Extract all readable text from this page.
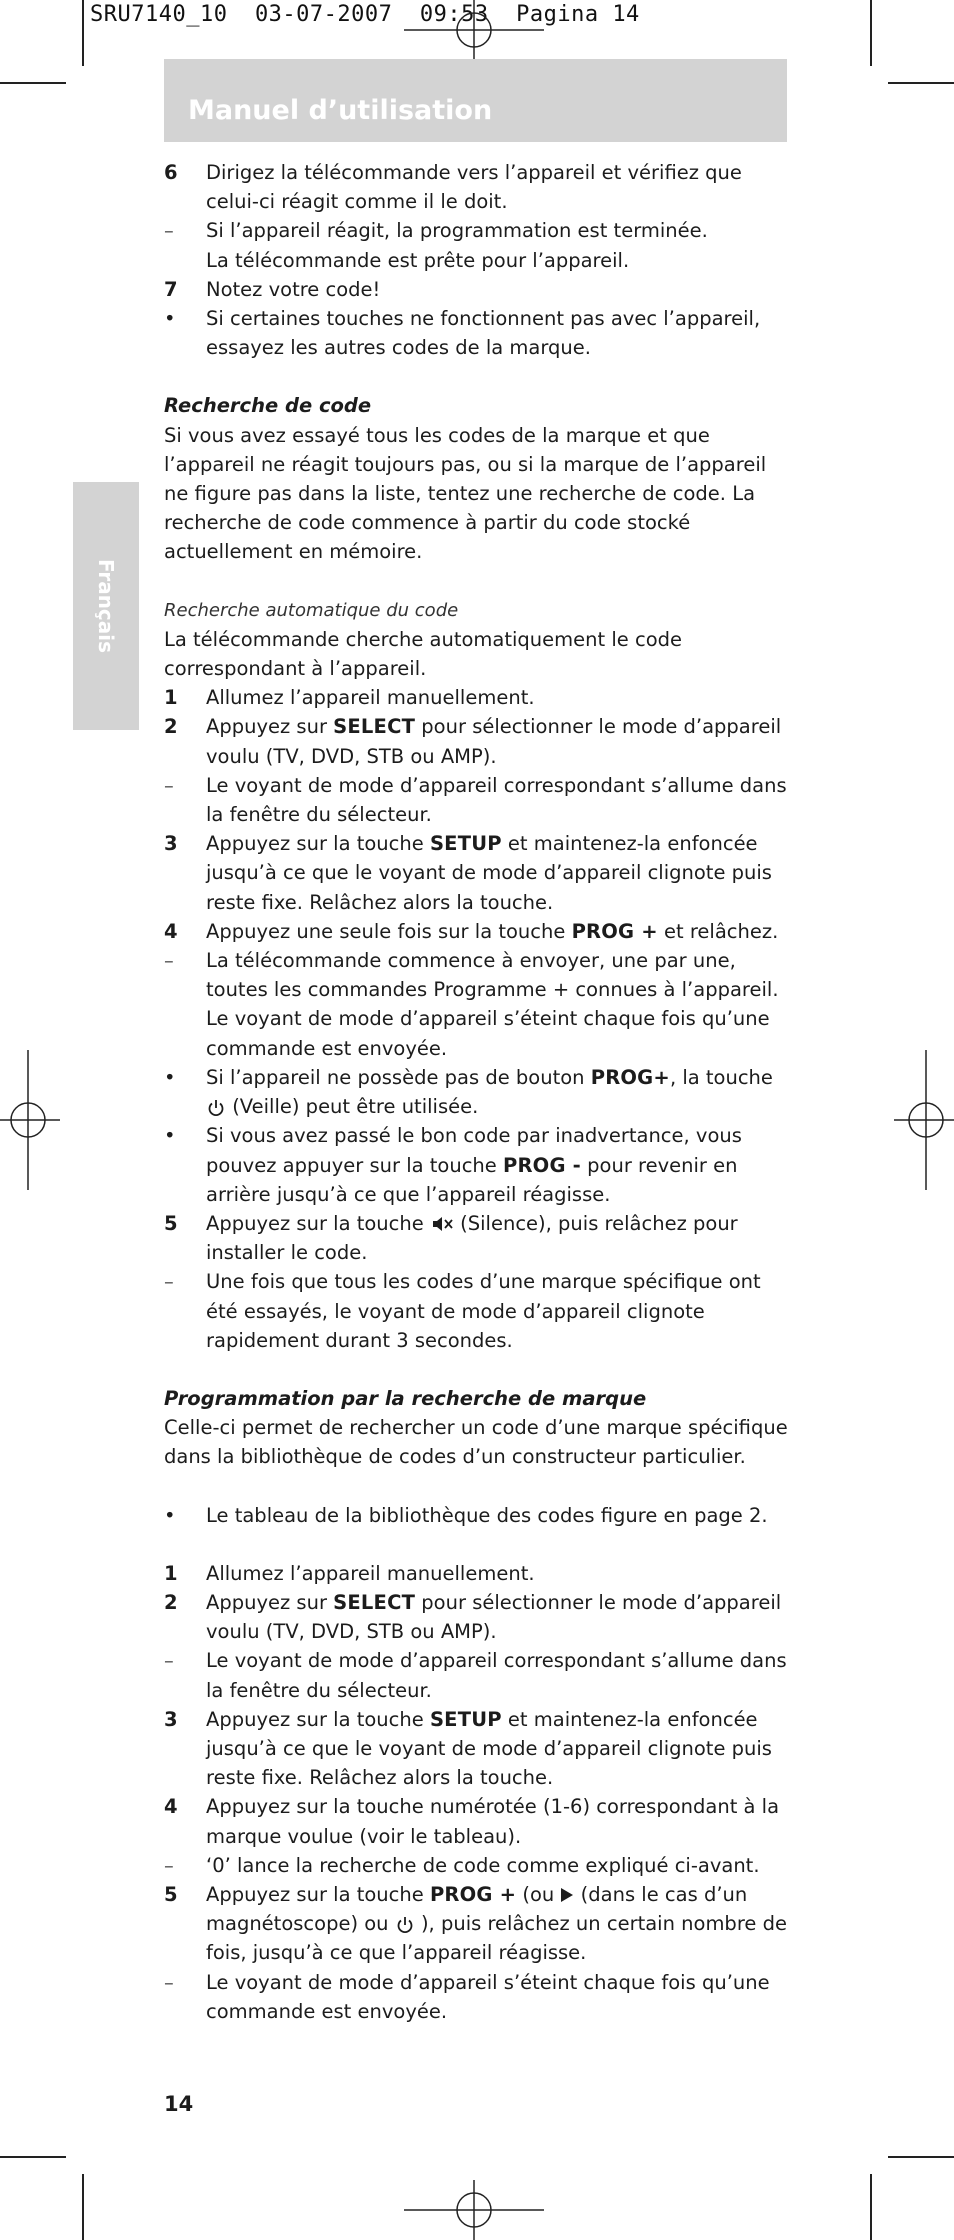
SRU7140_10  03-07-2007  09:53  Pagina 14
Manuel d’utilisation
Français
6 Dirigez la télécommande vers l’appareil et vérifiez que celui-ci réagit comme il le doit.
– Si l’appareil réagit, la programmation est terminée.
La télécommande est prête pour l’appareil.
7 Notez votre code!
• Si certaines touches ne fonctionnent pas avec l’appareil, essayez les autres codes de la marque.
Recherche de code
Si vous avez essayé tous les codes de la marque et que l’appareil ne réagit toujours pas, ou si la marque de l’appareil ne figure pas dans la liste, tentez une recherche de code. La recherche de code commence à partir du code stocké actuellement en mémoire.
Recherche automatique du code
La télécommande cherche automatiquement le code correspondant à l’appareil.
1 Allumez l’appareil manuellement.
2 Appuyez sur SELECT pour sélectionner le mode d’appareil voulu (TV, DVD, STB ou AMP).
– Le voyant de mode d’appareil correspondant s’allume dans la fenêtre du sélecteur.
3 Appuyez sur la touche SETUP et maintenez-la enfoncée jusqu’à ce que le voyant de mode d’appareil clignote puis reste fixe. Relâchez alors la touche.
4 Appuyez une seule fois sur la touche PROG + et relâchez.
– La télécommande commence à envoyer, une par une, toutes les commandes Programme + connues à l’appareil. Le voyant de mode d’appareil s’éteint chaque fois qu’une commande est envoyée.
• Si l’appareil ne possède pas de bouton PROG+, la touche  (Veille) peut être utilisée.
• Si vous avez passé le bon code par inadvertance, vous pouvez appuyer sur la touche PROG - pour revenir en arrière jusqu’à ce que l’appareil réagisse.
5 Appuyez sur la touche  (Silence), puis relâchez pour installer le code.
– Une fois que tous les codes d’une marque spécifique ont été essayés, le voyant de mode d’appareil clignote rapidement durant 3 secondes.
Programmation par la recherche de marque
Celle-ci permet de rechercher un code d’une marque spécifique dans la bibliothèque de codes d’un constructeur particulier.
• Le tableau de la bibliothèque des codes figure en page 2.
1 Allumez l’appareil manuellement.
2 Appuyez sur SELECT pour sélectionner le mode d’appareil voulu (TV, DVD, STB ou AMP).
– Le voyant de mode d’appareil correspondant s’allume dans la fenêtre du sélecteur.
3 Appuyez sur la touche SETUP et maintenez-la enfoncée jusqu’à ce que le voyant de mode d’appareil clignote puis reste fixe. Relâchez alors la touche.
4 Appuyez sur la touche numérotée (1-6) correspondant à la marque voulue (voir le tableau).
– ‘0’ lance la recherche de code comme expliqué ci-avant.
5 Appuyez sur la touche PROG + (ou  (dans le cas d’un magnétoscope) ou  ), puis relâchez un certain nombre de fois, jusqu’à ce que l’appareil réagisse.
– Le voyant de mode d’appareil s’éteint chaque fois qu’une commande est envoyée.
14
